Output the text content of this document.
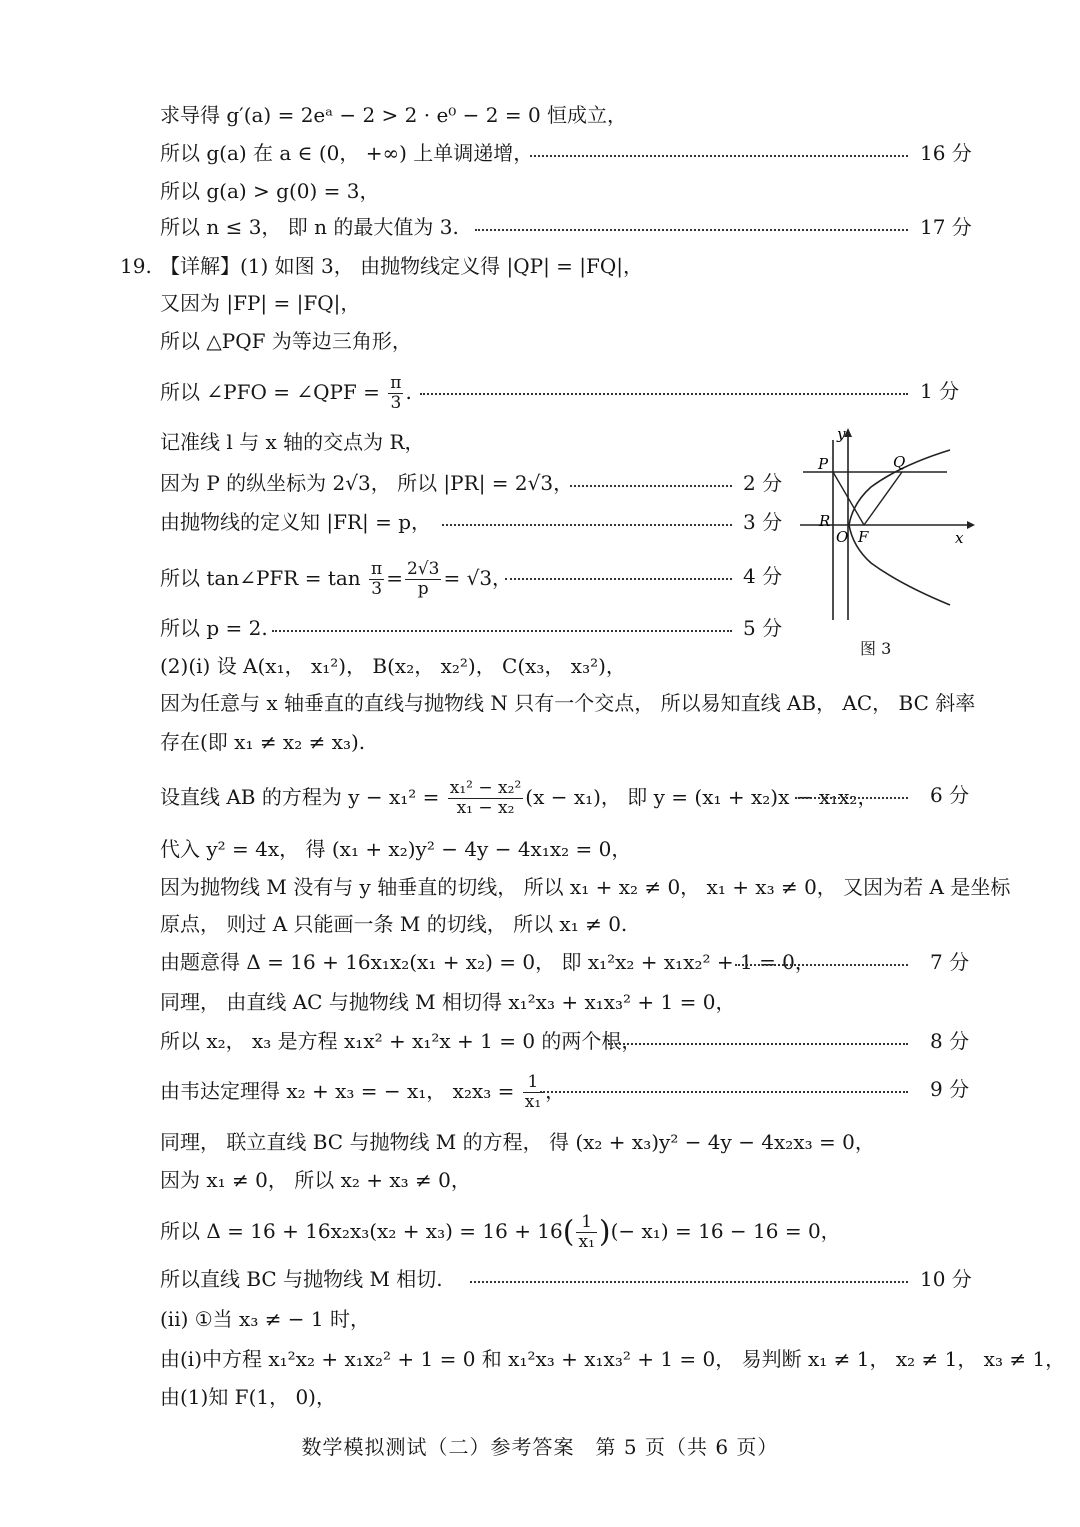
求导得 g′(a) = 2eᵃ − 2 > 2 · e⁰ − 2 = 0 恒成立，
所以 g(a) 在 a ∈ (0， +∞) 上单调递增，	16 分
所以 g(a) > g(0) = 3，
所以 n ≤ 3， 即 n 的最大值为 3.	17 分
19. 【详解】(1) 如图 3， 由抛物线定义得 |QP| = |FQ|，
又因为 |FP| = |FQ|，
所以 △PQF 为等边三角形，
所以 ∠PFO = ∠QPF = $\frac{\pi}{3}$ .	1 分
记准线 l 与 x 轴的交点为 R，
因为 P 的纵坐标为 2√3， 所以 |PR| = 2√3，	2 分
由抛物线的定义知 |FR| = p，	3 分
所以 tan∠PFR = $\tan \frac{\pi}{3} = \frac{2√3}{p} = √3$，	4 分
所以 p = 2.	5 分
y
x
P	Q
R
O F
图 3
(2)(i) 设 A(x₁， x₁²)， B(x₂， x₂²)， C(x₃， x₃²)，
因为任意与 x 轴垂直的直线与抛物线 N 只有一个交点， 所以易知直线 AB， AC， BC 斜率
存在(即 x₁ ≠ x₂ ≠ x₃).
设直线 AB 的方程为 $y - x_1^2 = \frac{\text{x₁² − x₂²}}{\text{x₁ − x₂}} (x - x_1)$， 即 y = (x₁ + x₂)x − x₁x₂，	6 分
代入 y² = 4x， 得 (x₁ + x₂)y² − 4y − 4x₁x₂ = 0，
因为抛物线 M 没有与 y 轴垂直的切线， 所以 x₁ + x₂ ≠ 0， x₁ + x₃ ≠ 0， 又因为若 A 是坐标
原点， 则过 A 只能画一条 M 的切线， 所以 x₁ ≠ 0.
由题意得 Δ = 16 + 16x₁x₂(x₁ + x₂) = 0， 即 x₁²x₂ + x₁x₂² + 1 = 0，	7 分
同理， 由直线 AC 与抛物线 M 相切得 x₁²x₃ + x₁x₃² + 1 = 0，
所以 x₂， x₃ 是方程 x₁x² + x₁²x + 1 = 0 的两个根，	8 分
由韦达定理得 x₂ + x₃ = − x₁， $x_2x_3 = \frac{1}{\text{x₁}}$ ，	9 分
同理， 联立直线 BC 与抛物线 M 的方程， 得 (x₂ + x₃)y² − 4y − 4x₂x₃ = 0，
因为 x₁ ≠ 0， 所以 x₂ + x₃ ≠ 0，
所以 $\Delta = 16 + 16x_2x_3(x_2 + x_3) = 16 + 16( \frac{1}{\text{x₁}}$ )(− x₁) = 16 − 16 = 0，
所以直线 BC 与抛物线 M 相切.	10 分
(ii) ①当 x₃ ≠ − 1 时，
由(i)中方程 x₁²x₂ + x₁x₂² + 1 = 0 和 x₁²x₃ + x₁x₃² + 1 = 0， 易判断 x₁ ≠ 1， x₂ ≠ 1， x₃ ≠ 1，
由(1)知 F(1， 0)，
数学模拟测试（二）参考答案　第 5 页（共 6 页）
